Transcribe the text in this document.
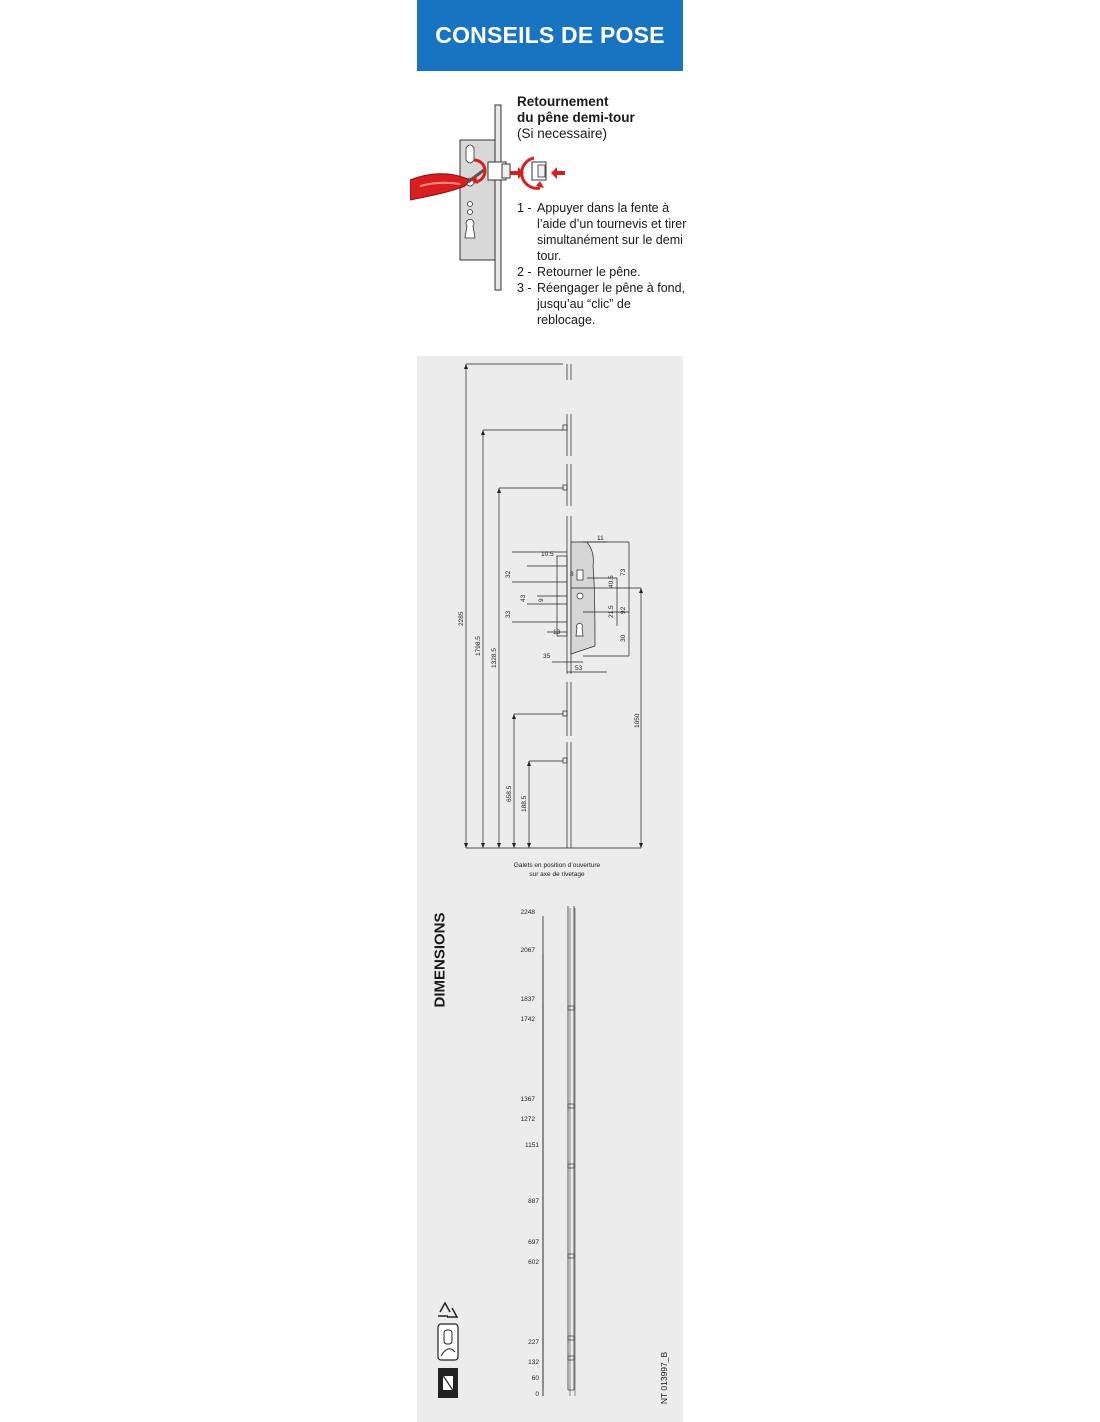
CONSEILS DE POSE
Retournement
du pêne demi-tour
(Si necessaire)
1 - Appuyer dans la fente à l’aide d’un tournevis et tirer simultanément sur le demi tour.
2 - Retourner le pêne.
3 - Réengager le pêne à fond, jusqu’au “clic” de reblocage.
2285
1798.5
1328.5
658.5
188.5
1050
11
10.5
32
43 9
33
13
35
53
73
40.5
21.5 92
30
8
Galets en position d’ouverture
sur axe de rivetage
2248
2067
1837
1742
1367
1272
1151
887
697
602
227
132
60
0
DIMENSIONS
NT 013997_B
